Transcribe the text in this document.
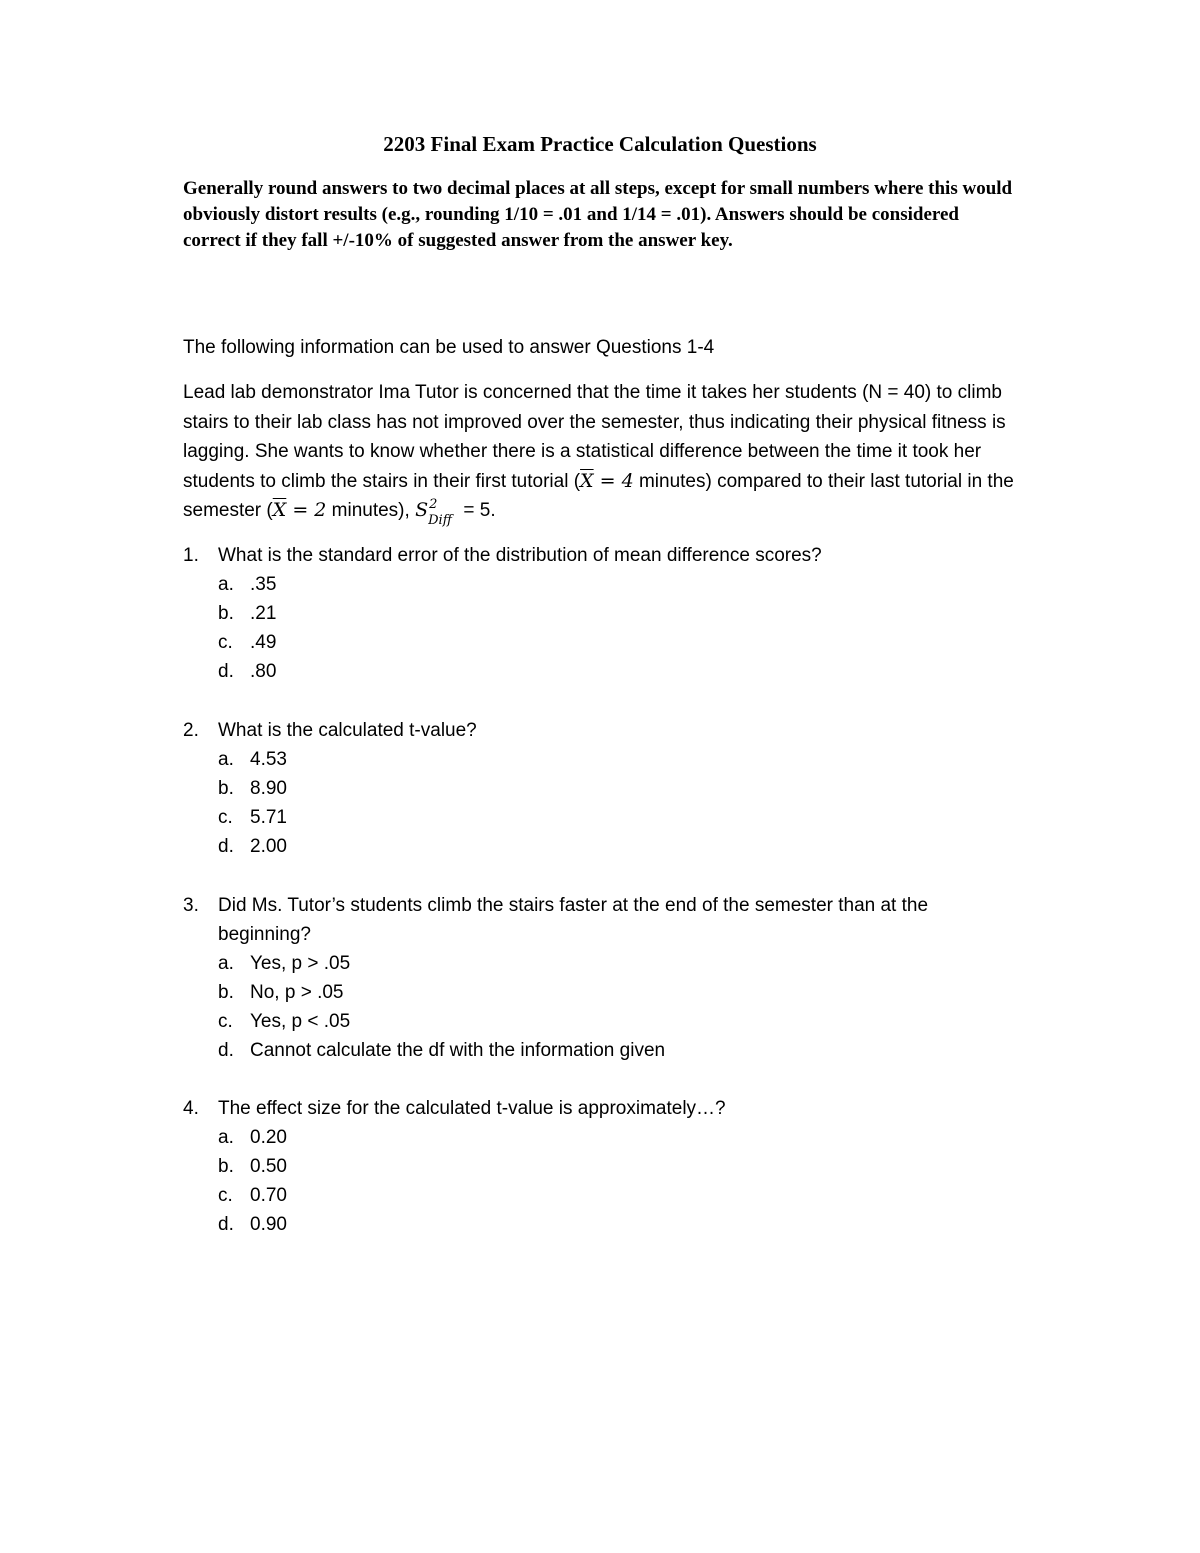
2203 Final Exam Practice Calculation Questions
Generally round answers to two decimal places at all steps, except for small numbers where this would obviously distort results (e.g., rounding 1/10 = .01 and 1/14 = .01). Answers should be considered correct if they fall +/-10% of suggested answer from the answer key.
The following information can be used to answer Questions 1-4
Lead lab demonstrator Ima Tutor is concerned that the time it takes her students (N = 40) to climb stairs to their lab class has not improved over the semester, thus indicating their physical fitness is lagging. She wants to know whether there is a statistical difference between the time it took her students to climb the stairs in their first tutorial ($\overline{X} = 4$ minutes) compared to their last tutorial in the semester ($\overline{X} = 2$ minutes), S 2
Diff = 5.
1.	What is the standard error of the distribution of mean difference scores?
a. .35
b. .21
c. .49
d. .80
2.	What is the calculated t-value?
a. 4.53
b. 8.90
c. 5.71
d. 2.00
3.	Did Ms. Tutor’s students climb the stairs faster at the end of the semester than at the beginning?
a. Yes, p > .05
b. No, p > .05
c. Yes, p < .05
d. Cannot calculate the df with the information given
4.	The effect size for the calculated t-value is approximately…?
a. 0.20
b. 0.50
c. 0.70
d. 0.90
